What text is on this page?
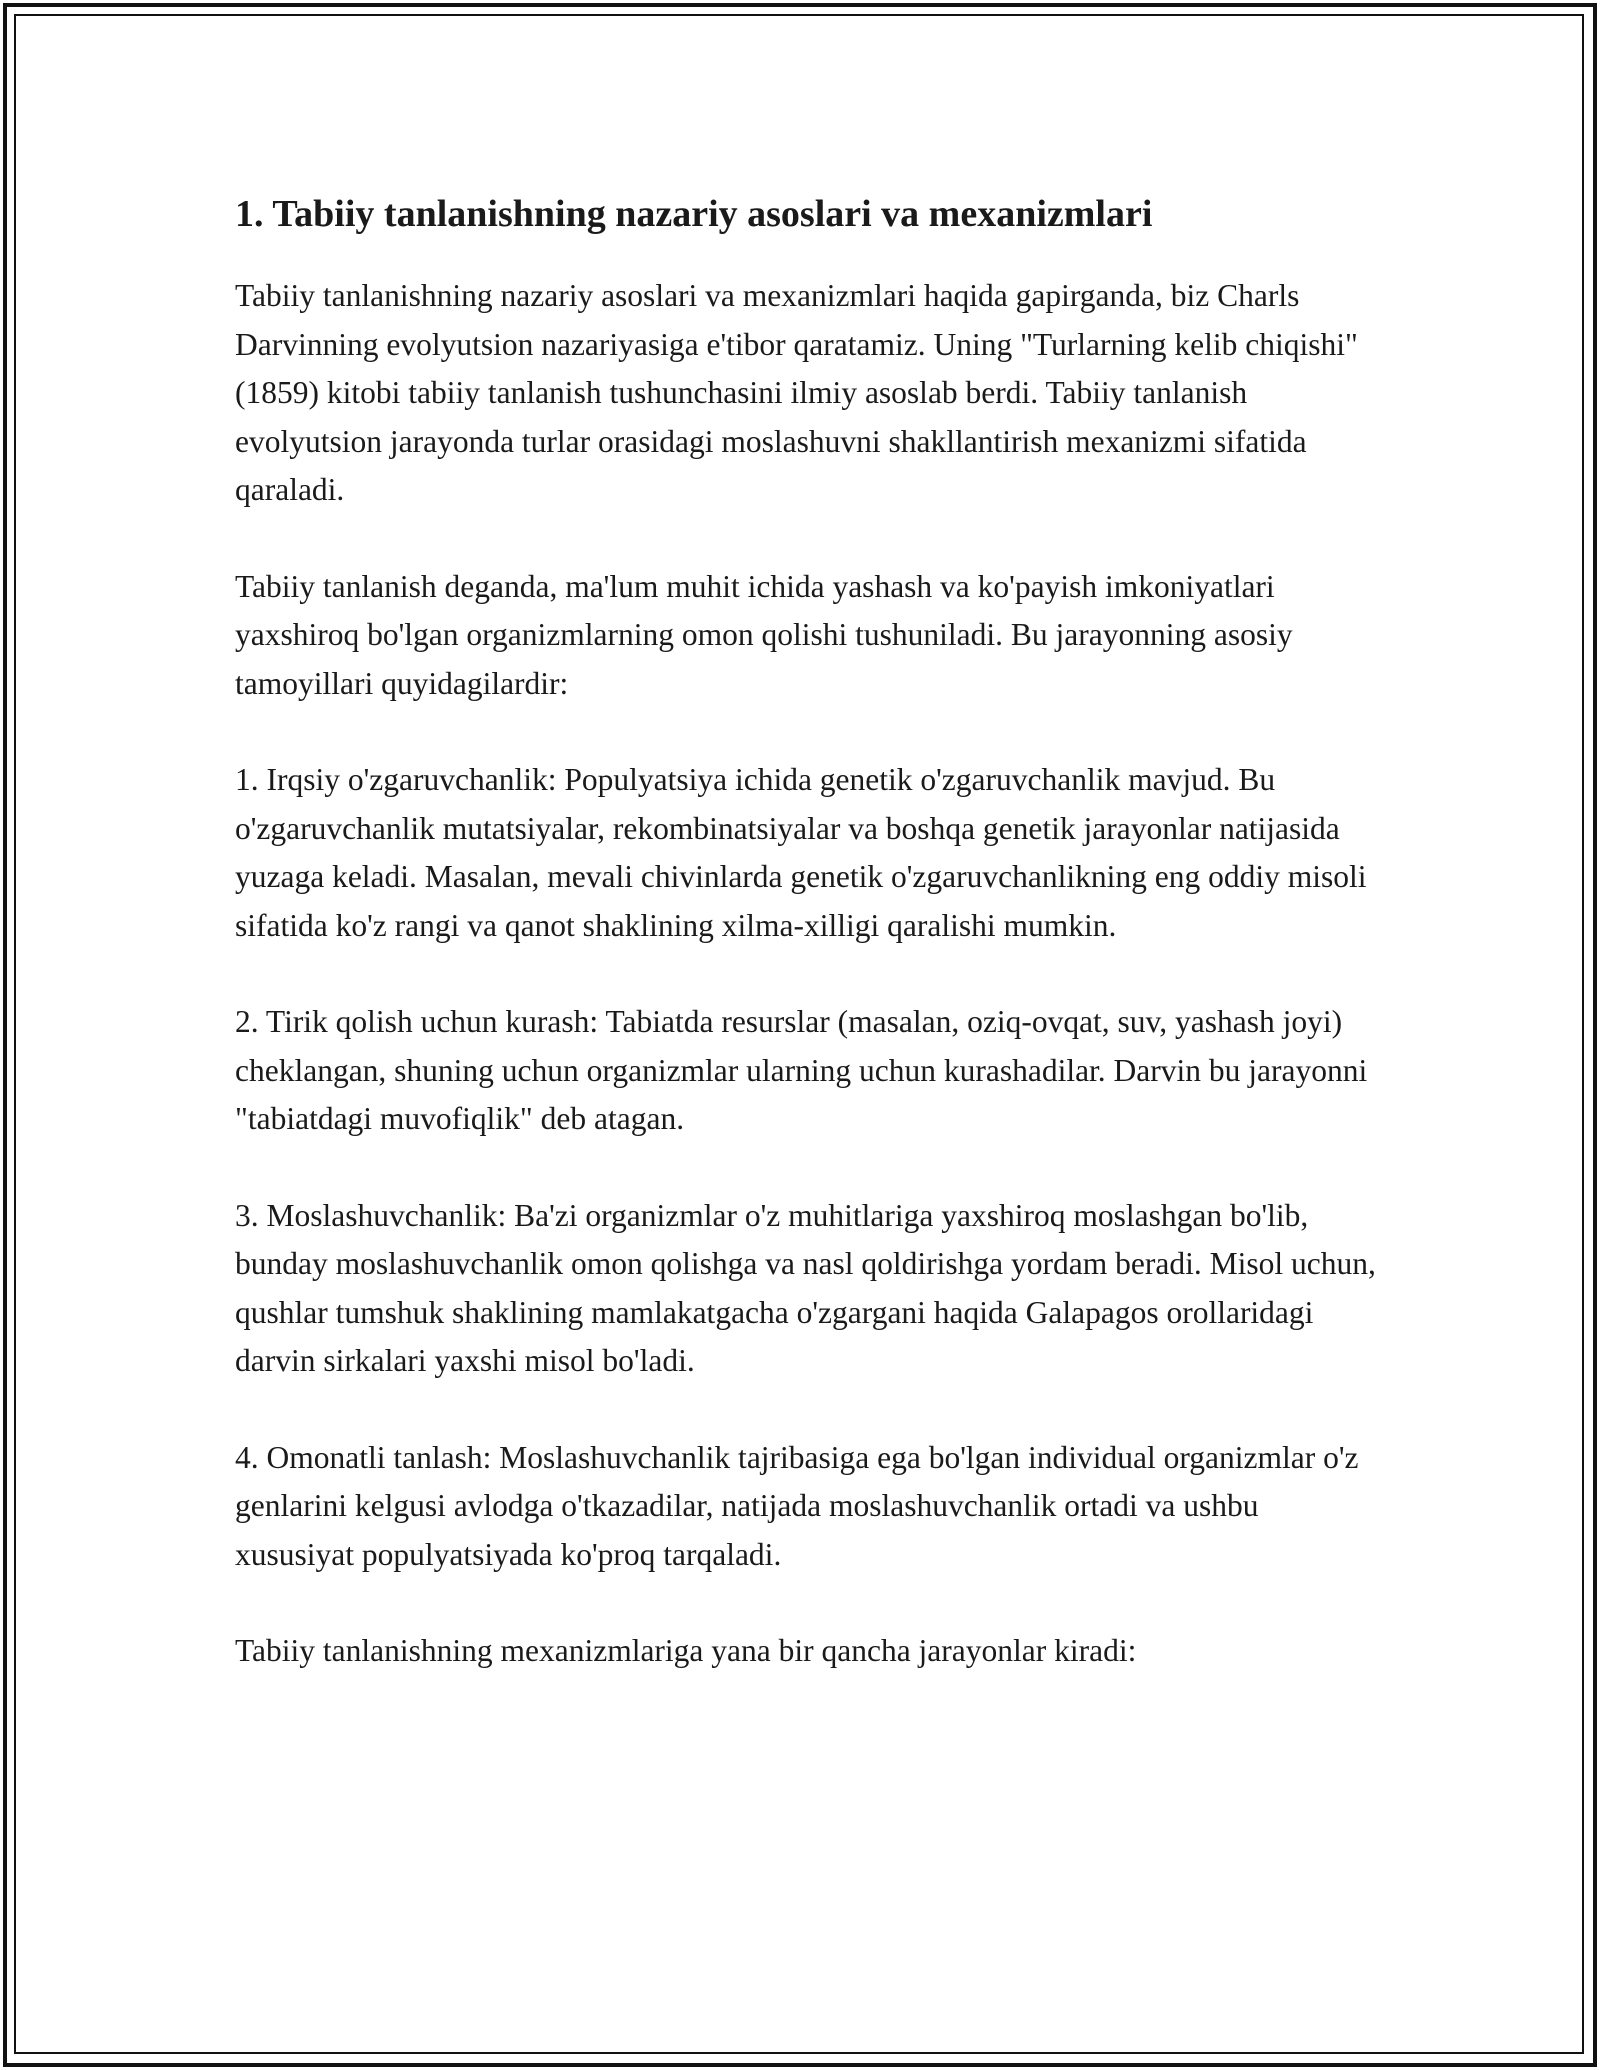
1. Tabiiy tanlanishning nazariy asoslari va mexanizmlari

Tabiiy tanlanishning nazariy asoslari va mexanizmlari haqida gapirganda, biz Charls Darvinning evolyutsion nazariyasiga e'tibor qaratamiz. Uning "Turlarning kelib chiqishi" (1859) kitobi tabiiy tanlanish tushunchasini ilmiy asoslab berdi. Tabiiy tanlanish evolyutsion jarayonda turlar orasidagi moslashuvni shakllantirish mexanizmi sifatida qaraladi.

Tabiiy tanlanish deganda, ma'lum muhit ichida yashash va ko'payish imkoniyatlari yaxshiroq bo'lgan organizmlarning omon qolishi tushuniladi. Bu jarayonning asosiy tamoyillari quyidagilardir:

1. Irqsiy o'zgaruvchanlik: Populyatsiya ichida genetik o'zgaruvchanlik mavjud. Bu o'zgaruvchanlik mutatsiyalar, rekombinatsiyalar va boshqa genetik jarayonlar natijasida yuzaga keladi. Masalan, mevali chivinlarda genetik o'zgaruvchanlikning eng oddiy misoli sifatida ko'z rangi va qanot shaklining xilma-xilligi qaralishi mumkin.

2. Tirik qolish uchun kurash: Tabiatda resurslar (masalan, oziq-ovqat, suv, yashash joyi) cheklangan, shuning uchun organizmlar ularning uchun kurashadilar. Darvin bu jarayonni "tabiatdagi muvofiqlik" deb atagan.

3. Moslashuvchanlik: Ba'zi organizmlar o'z muhitlariga yaxshiroq moslashgan bo'lib, bunday moslashuvchanlik omon qolishga va nasl qoldirishga yordam beradi. Misol uchun, qushlar tumshuk shaklining mamlakatgacha o'zgargani haqida Galapagos orollaridagi darvin sirkalari yaxshi misol bo'ladi.

4. Omonatli tanlash: Moslashuvchanlik tajribasiga ega bo'lgan individual organizmlar o'z genlarini kelgusi avlodga o'tkazadilar, natijada moslashuvchanlik ortadi va ushbu xususiyat populyatsiyada ko'proq tarqaladi.

Tabiiy tanlanishning mexanizmlariga yana bir qancha jarayonlar kiradi:
